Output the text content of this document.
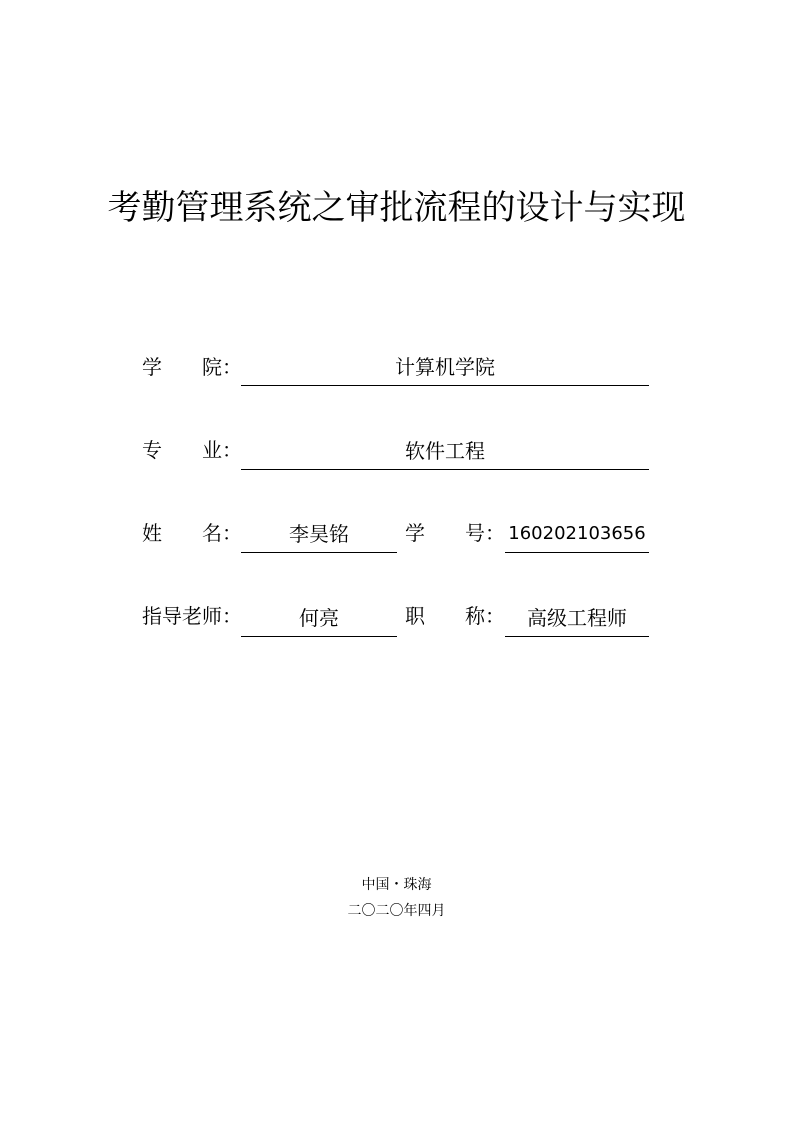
考勤管理系统之审批流程的设计与实现
学 院：	计算机学院
专 业：	软件工程
姓 名：	李昊铭	学 号： 160202103656
指导老师：	何亮	职 称：	高级工程师
中国・珠海
二〇二〇年四月
